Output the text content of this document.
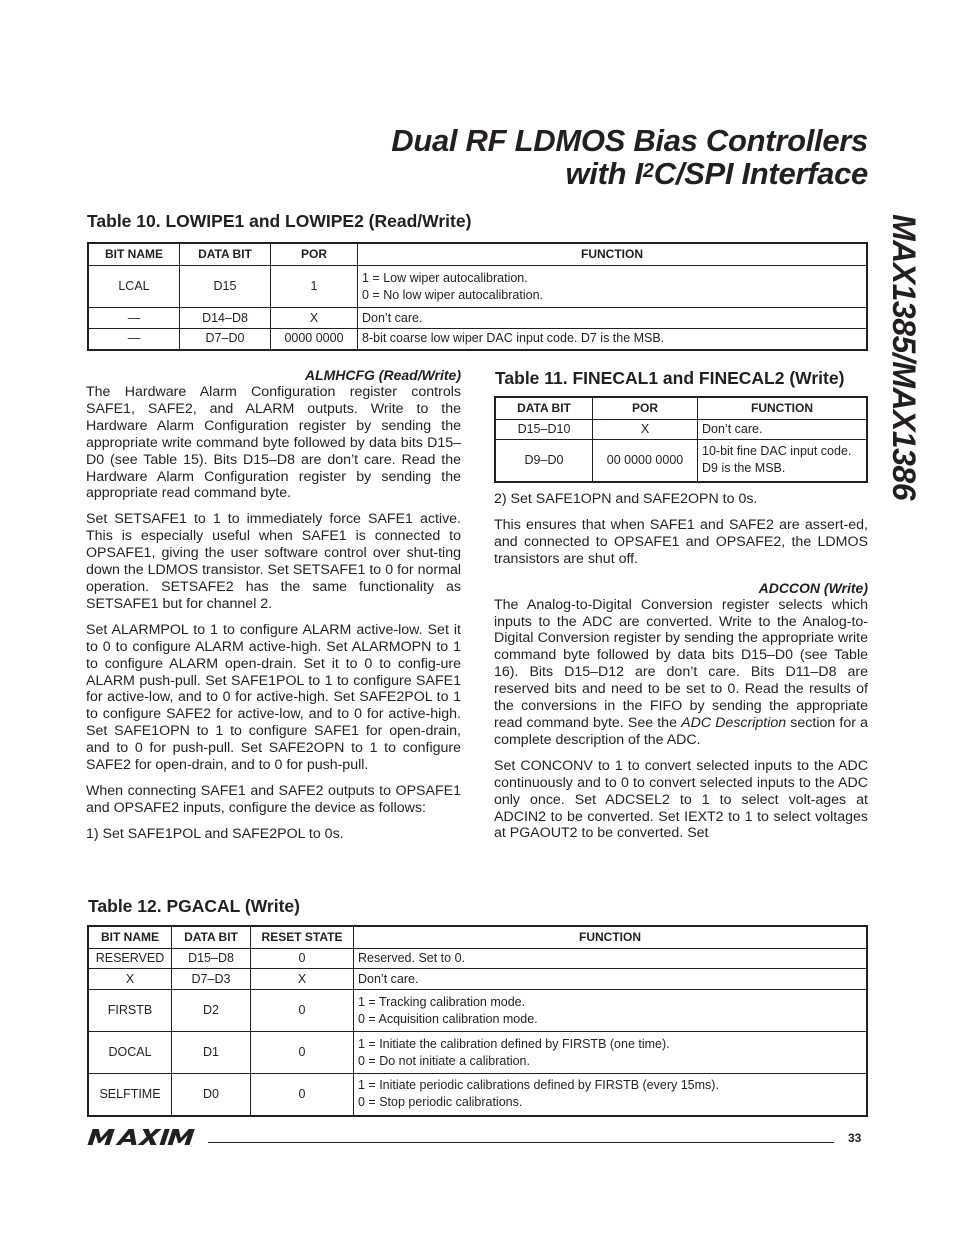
Dual RF LDMOS Bias Controllers
with $I^2C$/SPI Interface
MAX1385/MAX1386
Table 10. LOWIPE1 and LOWIPE2 (Read/Write)
BIT NAME	DATA BIT	POR	FUNCTION
LCAL	D15	1	1 = Low wiper autocalibration.
0 = No low wiper autocalibration.

—	D14–D8	X	Don’t care.
—	D7–D0	0000 0000	8-bit coarse low wiper DAC input code. D7 is the MSB.
ALMHCFG (Read/Write)

The Hardware Alarm Configuration register controls SAFE1, SAFE2, and ALARM outputs. Write to the Hardware Alarm Configuration register by sending the appropriate write command byte followed by data bits D15–D0 (see Table 15). Bits D15–D8 are don’t care. Read the Hardware Alarm Configuration register by sending the appropriate read command byte.

Set SETSAFE1 to 1 to immediately force SAFE1 active. This is especially useful when SAFE1 is connected to OPSAFE1, giving the user software control over shut-ting down the LDMOS transistor. Set SETSAFE1 to 0 for normal operation. SETSAFE2 has the same functionality as SETSAFE1 but for channel 2.

Set ALARMPOL to 1 to configure ALARM active-low. Set it to 0 to configure ALARM active-high. Set ALARMOPN to 1 to configure ALARM open-drain. Set it to 0 to config-ure ALARM push-pull. Set SAFE1POL to 1 to configure SAFE1 for active-low, and to 0 for active-high. Set SAFE2POL to 1 to configure SAFE2 for active-low, and to 0 for active-high. Set SAFE1OPN to 1 to configure SAFE1 for open-drain, and to 0 for push-pull. Set SAFE2OPN to 1 to configure SAFE2 for open-drain, and to 0 for push-pull.

When connecting SAFE1 and SAFE2 outputs to OPSAFE1 and OPSAFE2 inputs, configure the device as follows:

1) Set SAFE1POL and SAFE2POL to 0s.

Table 11. FINECAL1 and FINECAL2 (Write)
DATA BIT	POR	FUNCTION
D15–D10	X	Don’t care.
D9–D0	00 0000 0000	10-bit fine DAC input code.
D9 is the MSB.

2) Set SAFE1OPN and SAFE2OPN to 0s.

This ensures that when SAFE1 and SAFE2 are assert-ed, and connected to OPSAFE1 and OPSAFE2, the LDMOS transistors are shut off.

ADCCON (Write)

The Analog-to-Digital Conversion register selects which inputs to the ADC are converted. Write to the Analog-to-Digital Conversion register by sending the appropriate write command byte followed by data bits D15–D0 (see Table 16). Bits D15–D12 are don’t care. Bits D11–D8 are reserved bits and need to be set to 0. Read the results of the conversions in the FIFO by sending the appropriate read command byte. See the ADC Description section for a complete description of the ADC.

Set CONCONV to 1 to convert selected inputs to the ADC continuously and to 0 to convert selected inputs to the ADC only once. Set ADCSEL2 to 1 to select volt-ages at ADCIN2 to be converted. Set IEXT2 to 1 to select voltages at PGAOUT2 to be converted. Set

Table 12. PGACAL (Write)
BIT NAME	DATA BIT	RESET STATE	FUNCTION
RESERVED	D15–D8	0	Reserved. Set to 0.
X	D7–D3	X	Don’t care.
FIRSTB	D2	0	1 = Tracking calibration mode.
0 = Acquisition calibration mode.

DOCAL	D1	0	1 = Initiate the calibration defined by FIRSTB (one time).
0 = Do not initiate a calibration.

SELFTIME	D0	0	1 = Initiate periodic calibrations defined by FIRSTB (every 15ms).
0 = Stop periodic calibrations.
33
